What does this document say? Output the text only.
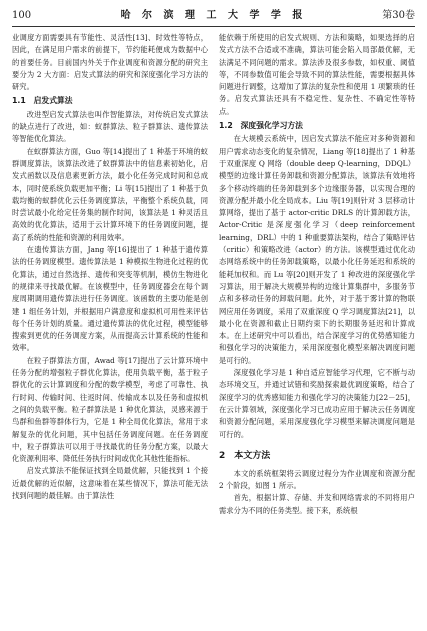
100	哈 尔 滨 理 工 大 学 学 报	第30卷

业调度方面需要具有节能性、灵活性[13]、时效性等特点，因此，在满足用户需求的前提下，节约能耗便成为数据中心的首要任务。目前国内外关于作业调度和资源分配的研究主要分为 2 大方面：启发式算法的研究和深度强化学习方法的研究。

1.1　启发式算法

改进型启发式算法也叫作智能算法，对传统启发式算法的缺点进行了改进，如：蚁群算法、粒子群算法、遗传算法等智能优化算法。

在蚁群算法方面，Guo 等[14]提出了 1 种基于环境的蚁群调度算法，该算法改进了蚁群算法中的信息素初始化，启发式函数以及信息素更新方法，最小化任务完成时间和总成本，同时使系统负载更加平衡；Li 等[15]提出了 1 种基于负载均衡的蚁群优化云任务调度算法，平衡整个系统负载，同时尝试最小化给定任务集的制作时间，该算法是 1 种灵活且高效的优化算法，适用于云计算环境下的任务调度问题，提高了系统的性能和资源的利用效率。

在遗传算法方面，Jang 等[16]提出了 1 种基于遗传算法的任务调度模型。遗传算法是 1 种模拟生物进化过程的优化算法，通过自然选择、遗传和突变等机制，模仿生物进化的规律来寻找最优解。在该模型中，任务调度器会在每个调度周期调用遗传算法进行任务调度。该函数的主要功能是创建 1 组任务计划，并根据用户满意度和虚拟机可用性来评估每个任务计划的质量。通过遗传算法的优化过程，模型能够搜索到更优的任务调度方案，从而提高云计算系统的性能和效率。

在粒子群算法方面，Awad 等[17]提出了云计算环境中任务分配的增强粒子群优化算法，使用负载平衡，基于粒子群优化的云计算调度和分配的数学模型，考虑了可靠性、执行时间、传输时间、往返时间、传输成本以及任务和虚拟机之间的负载平衡。粒子群算法是 1 种优化算法，灵感来源于鸟群和鱼群等群体行为，它是 1 种全局优化算法，常用于求解复杂的优化问题，其中包括任务调度问题。在任务调度中，粒子群算法可以用于寻找最优的任务分配方案，以最大化资源利用率、降低任务执行时间或优化其他性能指标。

启发式算法不能保证找到全局最优解，只能找到 1 个接近最优解的近似解，这意味着在某些情况下，算法可能无法找到问题的最佳解。由于算法性

能依赖于所使用的启发式规则、方法和策略，如果选择的启发式方法不合适或不准确，算法可能会陷入局部最优解，无法满足不同问题的需求。算法涉及很多参数，如权重、阈值等，不同参数值可能会导致不同的算法性能，需要根据具体问题进行调整，这增加了算法的复杂性和使用 1 项繁琐的任务。启发式算法还具有不稳定性、复杂性、不确定性等特点。

1.2　深度强化学习方法

在大规模云系统中，因启发式算法不能应对多种资源和用户需求动态变化的复杂情况，Liang 等[18]提出了 1 种基于双重深度 Q 网络（double deep Q-learning，DDQL）模型的边缘计算任务卸载和资源分配算法，该算法有效地将多个移动终端的任务卸载到多个边缘服务器，以实现合理的资源分配并最小化全局成本。Liu 等[19]则针对 3 层移动计算网络，提出了基于 actor-critic DRLS 的计算卸载方法，Actor-Critic 是深度强化学习（deep reinforcement learning，DRL）中的 1 种重要算法架构，结合了策略评估（critic）和策略改进（actor）的方法。该模型通过优化动态网络系统中的任务卸载策略，以最小化任务延迟和系统的能耗加权和。而 Lu 等[20]则开发了 1 种改进的深度强化学习算法，用于解决大规模异构的边缘计算集群中，多服务节点和多移动任务的卸载问题。此外，对于基于雾计算的物联网应用任务调度，采用了双重深度 Q 学习调度算法[21]，以最小化在资源和截止日期约束下的长期服务延迟和计算成本。在上述研究中可以看出，结合深度学习的优势感知能力和强化学习的决策能力，采用深度强化模型来解决调度问题是可行的。

深度强化学习是 1 种自适应智能学习代理，它不断与动态环境交互，并通过试错和奖励探索最优调度策略，结合了深度学习的优秀感知能力和强化学习的决策能力[22－25]，在云计算领域，深度强化学习已成功应用于解决云任务调度和资源分配问题，采用深度强化学习模型来解决调度问题是可行的。

2　本文方法

本文的系统框架将云调度过程分为作业调度和资源分配 2 个阶段，如图 1 所示。

首先，根据计算、存储、并发和网络需求的不同将用户需求分为不同的任务类型。接下来，系统根
